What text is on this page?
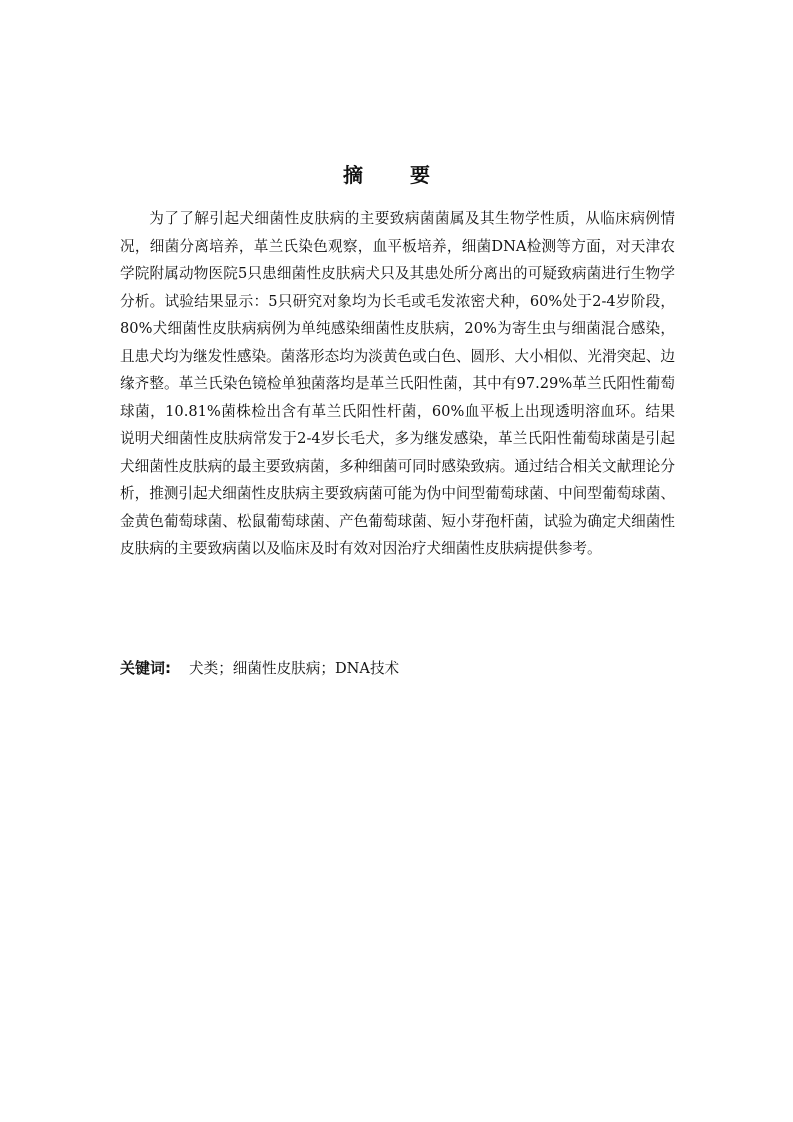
摘 要

为了了解引起犬细菌性皮肤病的主要致病菌菌属及其生物学性质，从临床病例情况，细菌分离培养，革兰氏染色观察，血平板培养，细菌DNA检测等方面，对天津农学院附属动物医院5只患细菌性皮肤病犬只及其患处所分离出的可疑致病菌进行生物学分析。试验结果显示：5只研究对象均为长毛或毛发浓密犬种，60%处于2-4岁阶段，80%犬细菌性皮肤病病例为单纯感染细菌性皮肤病，20%为寄生虫与细菌混合感染，且患犬均为继发性感染。菌落形态均为淡黄色或白色、圆形、大小相似、光滑突起、边缘齐整。革兰氏染色镜检单独菌落均是革兰氏阳性菌，其中有97.29%革兰氏阳性葡萄球菌，10.81%菌株检出含有革兰氏阳性杆菌，60%血平板上出现透明溶血环。结果说明犬细菌性皮肤病常发于2-4岁长毛犬，多为继发感染，革兰氏阳性葡萄球菌是引起犬细菌性皮肤病的最主要致病菌，多种细菌可同时感染致病。通过结合相关文献理论分析，推测引起犬细菌性皮肤病主要致病菌可能为伪中间型葡萄球菌、中间型葡萄球菌、金黄色葡萄球菌、松鼠葡萄球菌、产色葡萄球菌、短小芽孢杆菌，试验为确定犬细菌性皮肤病的主要致病菌以及临床及时有效对因治疗犬细菌性皮肤病提供参考。

关键词: 犬类；细菌性皮肤病；DNA技术
